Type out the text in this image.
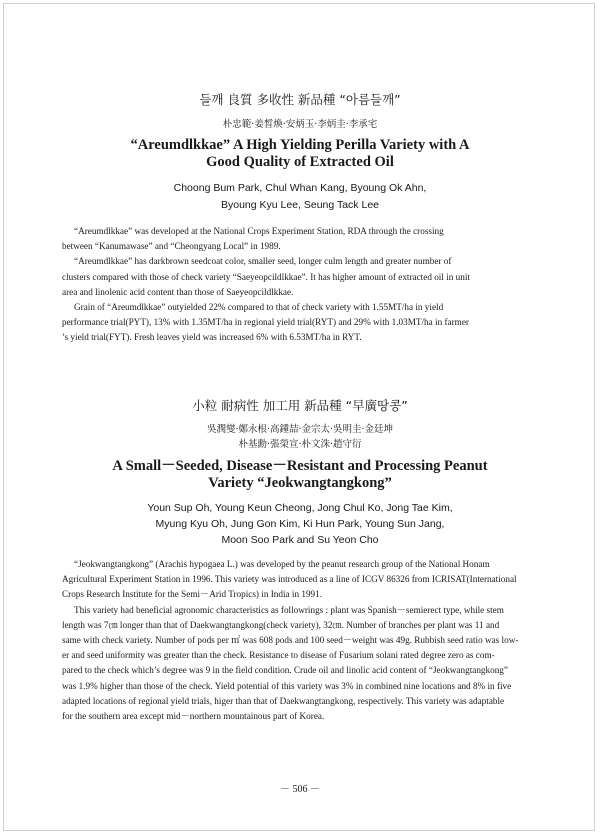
들깨 良質 多收性 新品種 “아름들깨”
朴忠範·姜晳煥·安炳玉·李炳圭·李承宅
“Areumdlkkae” A High Yielding Perilla Variety with A
Good Quality of Extracted Oil
Choong Bum Park, Chul Whan Kang, Byoung Ok Ahn,
Byoung Kyu Lee, Seung Tack Lee
“Areumdlkkae” was developed at the National Crops Experiment Station, RDA through the crossing
between “Kanumawase” and “Cheongyang Local” in 1989.
“Areumdlkkae” has darkbrown seedcoat color, smaller seed, longer culm length and greater number of
clusters compared with those of check variety “Saeyeopcildlkkae”. It has higher amount of extracted oil in unit
area and linolenic acid content than those of Saeyeopcildlkkae.
Grain of “Areumdlkkae” outyielded 22% compared to that of check variety with 1.55MT/ha in yield
performance trial(PYT), 13% with 1.35MT/ha in regional yield trial(RYT) and 29% with 1.03MT/ha in farmer
’s yield trial(FYT). Fresh leaves yield was increased 6% with 6.53MT/ha in RYT.
小粒 耐病性 加工用 新品種 “早廣땅콩”
吳潤燮·鄭永根·高鍾喆·金宗太·吳明圭·金廷坤
朴基勳·張榮宣·朴文洙·趙守衍
A Small－Seeded, Disease－Resistant and Processing Peanut
Variety “Jeokwangtangkong”
Youn Sup Oh, Young Keun Cheong, Jong Chul Ko, Jong Tae Kim,
Myung Kyu Oh, Jung Gon Kim, Ki Hun Park, Young Sun Jang,
Moon Soo Park and Su Yeon Cho
“Jeokwangtangkong” (Arachis hypogaea L.) was developed by the peanut research group of the National Honam
Agricultural Experiment Station in 1996. This variety was introduced as a line of ICGV 86326 from ICRISAT(International
Crops Research Institute for the Semi－Arid Tropics) in India in 1991.
This variety had beneficial agronomic characteristics as followrings : plant was Spanish－semierect type, while stem
length was 7㎝ longer than that of Daekwangtangkong(check variety), 32㎝. Number of branches per plant was 11 and
same with check variety. Number of pods per ㎡ was 608 pods and 100 seed－weight was 49g. Rubbish seed ratio was low-
er and seed uniformity was greater than the check. Resistance to disease of Fusarium solani rated degree zero as com-
pared to the check which’s degree was 9 in the field condition. Crude oil and linolic acid content of “Jeokwangtangkong”
was 1.9% higher than those of the check. Yield potential of this variety was 3% in combined nine locations and 8% in five
adapted locations of regional yield trials, higer than that of Daekwangtangkong, respectively. This variety was adaptable
for the southern area except mid－northern mountainous part of Korea.
－ 506 －
